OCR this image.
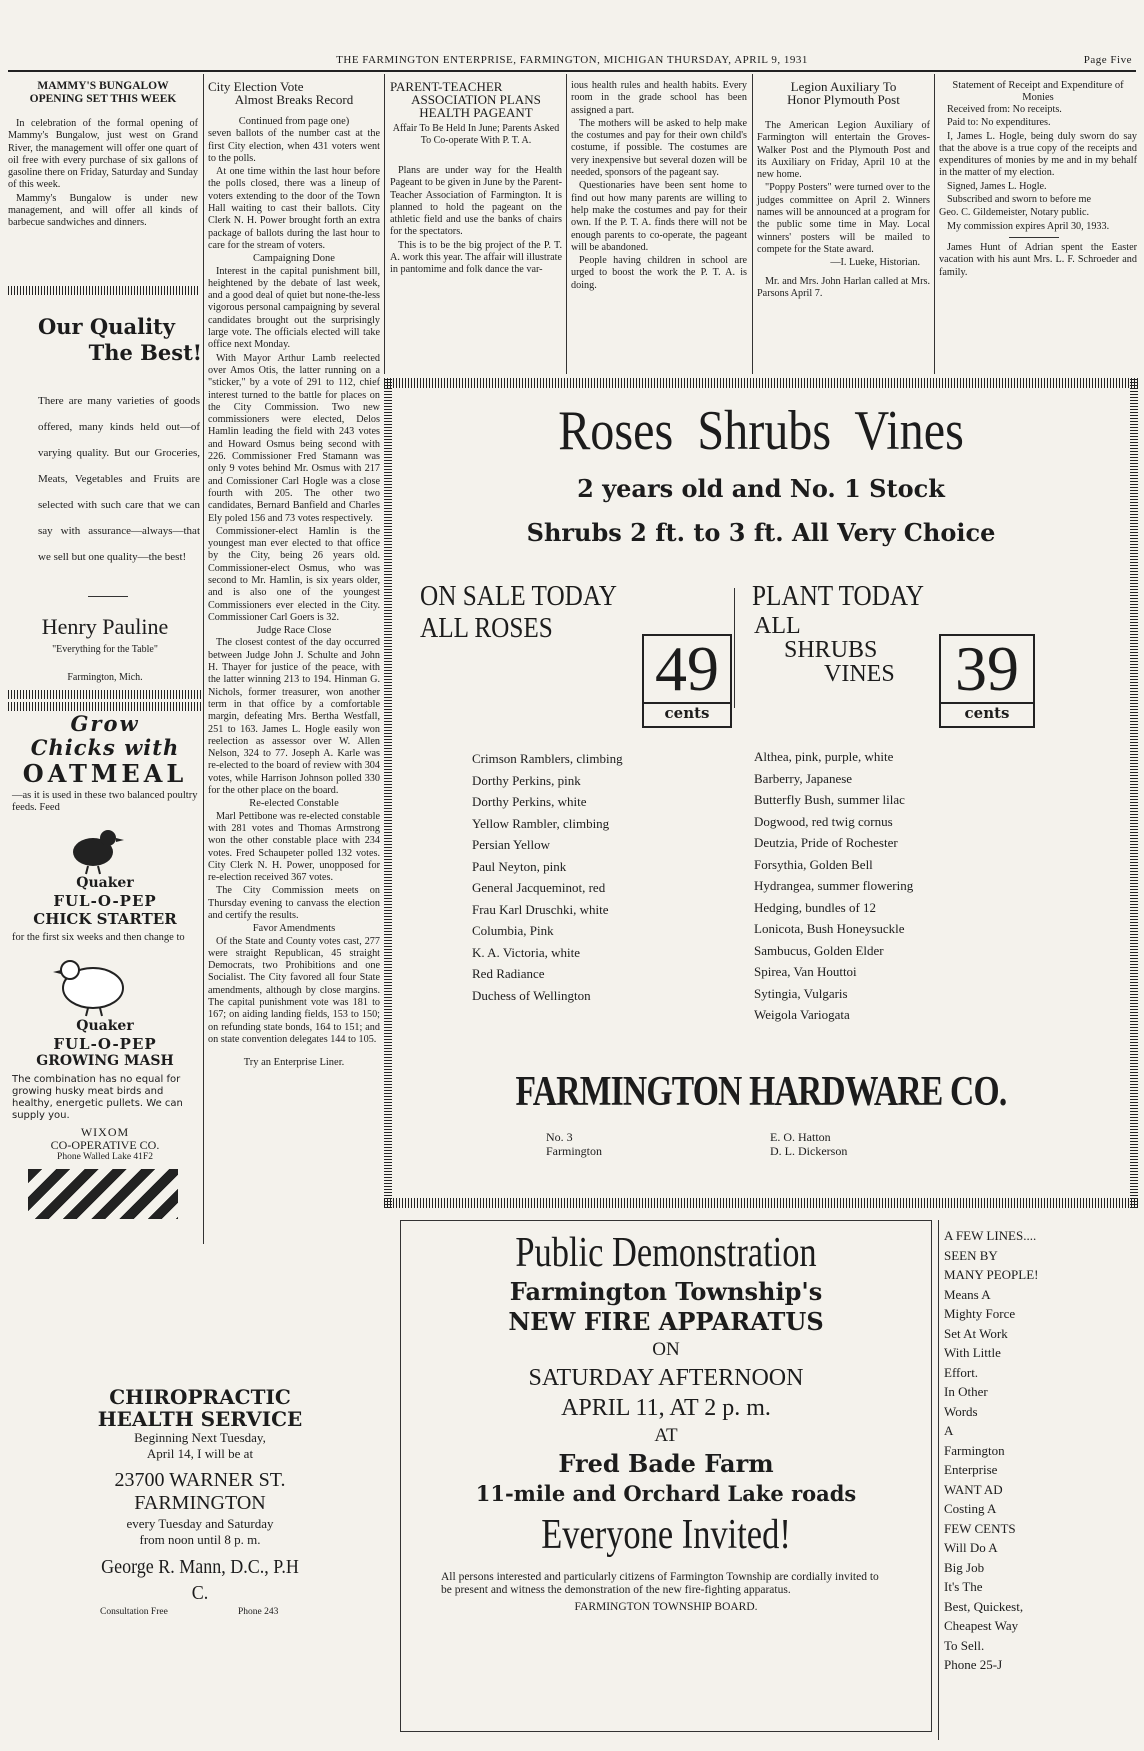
THE FARMINGTON ENTERPRISE, FARMINGTON, MICHIGAN THURSDAY, APRIL 9, 1931	Page Five
MAMMY'S BUNGALOW
OPENING SET THIS WEEK

In celebration of the formal opening of Mammy's Bungalow, just west on Grand River, the management will offer one quart of oil free with every purchase of six gallons of gasoline there on Friday, Saturday and Sunday of this week.

Mammy's Bungalow is under new management, and will offer all kinds of barbecue sandwiches and dinners.

Our Quality
The Best!
There are many varieties of goods offered, many kinds held out—of varying quality. But our Groceries, Meats, Vegetables and Fruits are selected with such care that we can say with assurance—always—that we sell but one quality—the best!
Henry Pauline
"Everything for the Table"
Farmington, Mich.
Grow
Chicks with
OATMEAL
—as it is used in these two balanced poultry feeds. Feed
Quaker
FUL-O-PEP
CHICK STARTER
for the first six weeks and then change to
Quaker
FUL-O-PEP
GROWING MASH
The combination has no equal for growing husky meat birds and healthy, energetic pullets. We can supply you.
WIXOM
CO-OPERATIVE CO.
Phone Walled Lake 41F2
City Election Vote
Almost Breaks Record
Continued from page one)

seven ballots of the number cast at the first City election, when 431 voters went to the polls.

At one time within the last hour before the polls closed, there was a lineup of voters extending to the door of the Town Hall waiting to cast their ballots. City Clerk N. H. Power brought forth an extra package of ballots during the last hour to care for the stream of voters.

Campaigning Done

Interest in the capital punishment bill, heightened by the debate of last week, and a good deal of quiet but none-the-less vigorous personal campaigning by several candidates brought out the surprisingly large vote. The officials elected will take office next Monday.

With Mayor Arthur Lamb reelected over Amos Otis, the latter running on a "sticker," by a vote of 291 to 112, chief interest turned to the battle for places on the City Commission. Two new commissioners were elected, Delos Hamlin leading the field with 243 votes and Howard Osmus being second with 226. Commissioner Fred Stamann was only 9 votes behind Mr. Osmus with 217 and Comissioner Carl Hogle was a close fourth with 205. The other two candidates, Bernard Banfield and Charles Ely poled 156 and 73 votes respectively.

Commissioner-elect Hamlin is the youngest man ever elected to that office by the City, being 26 years old. Commissioner-elect Osmus, who was second to Mr. Hamlin, is six years older, and is also one of the youngest Commissioners ever elected in the City. Commissioner Carl Goers is 32.

Judge Race Close

The closest contest of the day occurred between Judge John J. Schulte and John H. Thayer for justice of the peace, with the latter winning 213 to 194. Hinman G. Nichols, former treasurer, won another term in that office by a comfortable margin, defeating Mrs. Bertha Westfall, 251 to 163. James L. Hogle easily won reelection as assessor over W. Allen Nelson, 324 to 77. Joseph A. Karle was re-elected to the board of review with 304 votes, while Harrison Johnson polled 330 for the other place on the board.

Re-elected Constable

Marl Pettibone was re-elected constable with 281 votes and Thomas Armstrong won the other constable place with 234 votes. Fred Schaupeter polled 132 votes. City Clerk N. H. Power, unopposed for re-election received 367 votes.

The City Commission meets on Thursday evening to canvass the election and certify the results.

Favor Amendments

Of the State and County votes cast, 277 were straight Republican, 45 straight Democrats, two Prohibitions and one Socialist. The City favored all four State amendments, although by close margins. The capital punishment vote was 181 to 167; on aiding landing fields, 153 to 150; on refunding state bonds, 164 to 151; and on state convention delegates 144 to 105.

Try an Enterprise Liner.
PARENT-TEACHER
ASSOCIATION PLANS
HEALTH PAGEANT
Affair To Be Held In June; Parents Asked To Co-operate With P. T. A.

Plans are under way for the Health Pageant to be given in June by the Parent-Teacher Association of Farmington. It is planned to hold the pageant on the athletic field and use the banks of chairs for the spectators.

This is to be the big project of the P. T. A. work this year. The affair will illustrate in pantomime and folk dance the var-

ious health rules and health habits. Every room in the grade school has been assigned a part.

The mothers will be asked to help make the costumes and pay for their own child's costume, if possible. The costumes are very inexpensive but several dozen will be needed, sponsors of the pageant say.

Questionaries have been sent home to find out how many parents are willing to help make the costumes and pay for their own. If the P. T. A. finds there will not be enough parents to co-operate, the pageant will be abandoned.

People having children in school are urged to boost the work the P. T. A. is doing.

Legion Auxiliary To
Honor Plymouth Post

The American Legion Auxiliary of Farmington will entertain the Groves-Walker Post and the Plymouth Post and its Auxiliary on Friday, April 10 at the new home.

"Poppy Posters" were turned over to the judges committee on April 2. Winners names will be announced at a program for the public some time in May. Local winners' posters will be mailed to compete for the State award.

—I. Lueke, Historian.

Mr. and Mrs. John Harlan called at Mrs. Parsons April 7.

Statement of Receipt and Expenditure of Monies

Received from: No receipts.

Paid to: No expenditures.

I, James L. Hogle, being duly sworn do say that the above is a true copy of the receipts and expenditures of monies by me and in my behalf in the matter of my election.

Signed, James L. Hogle.

Subscribed and sworn to before me

Geo. C. Gildemeister, Notary public.

My commission expires April 30, 1933.

James Hunt of Adrian spent the Easter vacation with his aunt Mrs. L. F. Schroeder and family.

Roses  Shrubs  Vines
2 years old and No. 1 Stock
Shrubs 2 ft. to 3 ft. All Very Choice
ON SALE TODAY
ALL ROSES
49
cents
PLANT TODAY
ALL
SHRUBS
VINES 39
cents
Crimson Ramblers, climbing
Dorthy Perkins, pink
Dorthy Perkins, white
Yellow Rambler, climbing
Persian Yellow
Paul Neyton, pink
General Jacqueminot, red
Frau Karl Druschki, white
Columbia, Pink
K. A. Victoria, white
Red Radiance
Duchess of Wellington
Althea, pink, purple, white
Barberry, Japanese
Butterfly Bush, summer lilac
Dogwood, red twig cornus
Deutzia, Pride of Rochester
Forsythia, Golden Bell
Hydrangea, summer flowering
Hedging, bundles of 12
Lonicota, Bush Honeysuckle
Sambucus, Golden Elder
Spirea, Van Houttoi
Sytingia, Vulgaris
Weigola Variogata
FARMINGTON HARDWARE CO.
No. 3
Farmington
E. O. Hatton
D. L. Dickerson
Public Demonstration
Farmington Township's
NEW FIRE APPARATUS
ON
SATURDAY AFTERNOON
APRIL 11, AT 2 p. m.
AT
Fred Bade Farm
11-mile and Orchard Lake roads
Everyone Invited!
All persons interested and particularly citizens of Farmington Township are cordially invited to be present and witness the demonstration of the new fire-fighting apparatus.
FARMINGTON TOWNSHIP BOARD.
CHIROPRACTIC
HEALTH SERVICE
Beginning Next Tuesday,
April 14, I will be at
23700 WARNER ST.
FARMINGTON
every Tuesday and Saturday
from noon until 8 p. m.
George R. Mann, D.C., P.H C.
Consultation Free	Phone 243
A FEW LINES....
SEEN BY
MANY PEOPLE!
Means A
Mighty Force
Set At Work
With Little
Effort.
In Other
Words
A
Farmington
Enterprise
WANT AD
Costing A
FEW CENTS
Will Do A
Big Job
It's The
Best, Quickest,
Cheapest Way
To Sell.
Phone 25-J
